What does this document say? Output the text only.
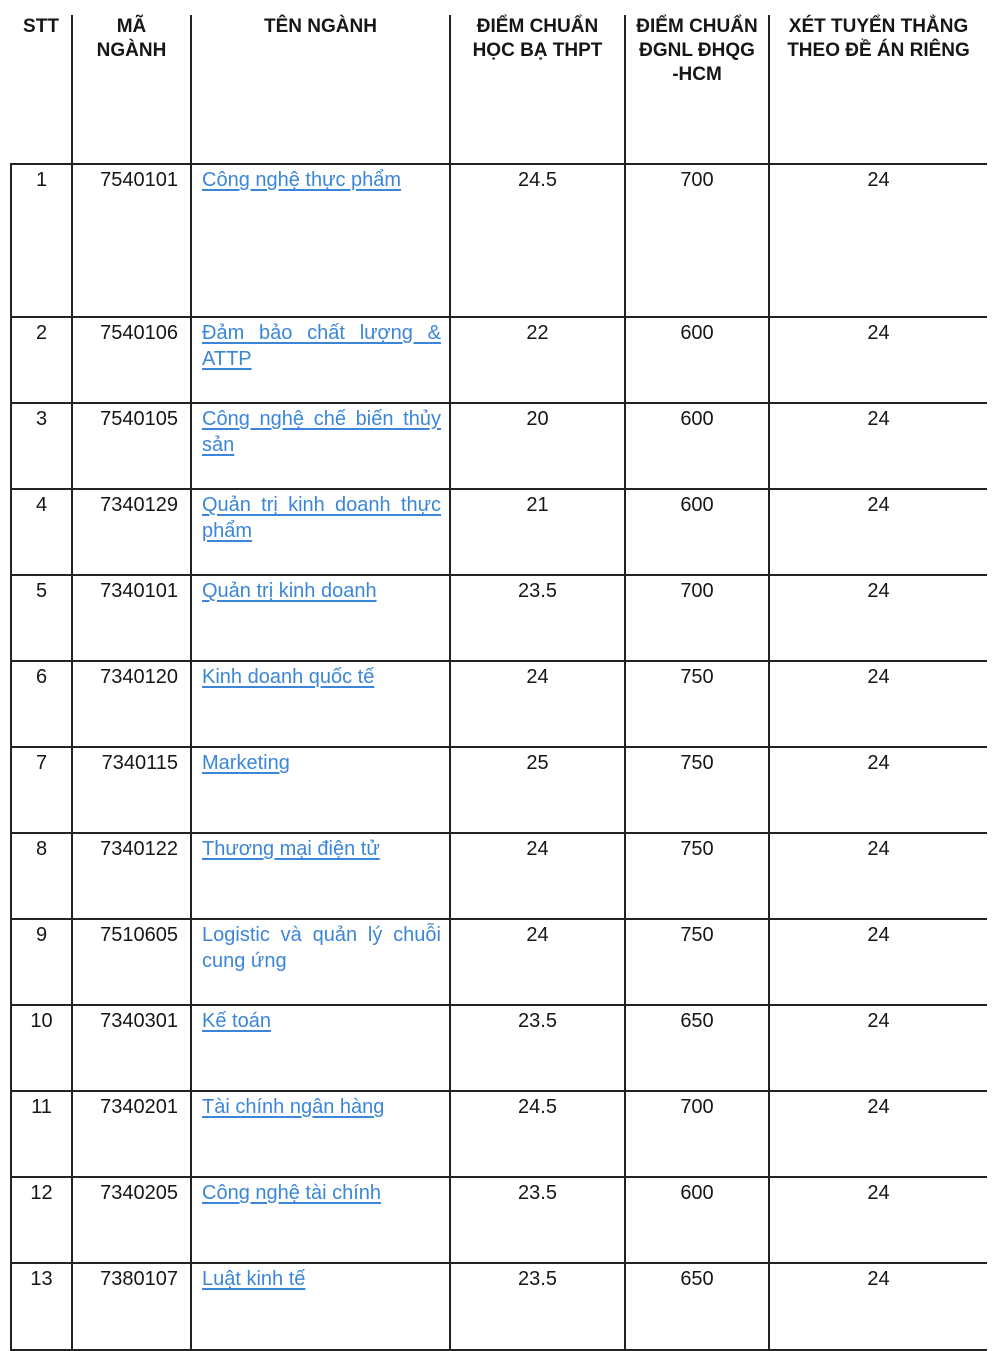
STT	MÃ NGÀNH	TÊN NGÀNH	ĐIỂM CHUẨN HỌC BẠ THPT	ĐIỂM CHUẨN ĐGNL ĐHQG -HCM	XÉT TUYỂN THẲNG THEO ĐỀ ÁN RIÊNG
1	7540101	Công nghệ thực phẩm	24.5	700	24
2	7540106	Đảm bảo chất lượng & ATTP	22	600	24
3	7540105	Công nghệ chế biến thủy sản	20	600	24
4	7340129	Quản trị kinh doanh thực phẩm	21	600	24
5	7340101	Quản trị kinh doanh	23.5	700	24
6	7340120	Kinh doanh quốc tế	24	750	24
7	7340115	Marketing	25	750	24
8	7340122	Thương mại điện tử	24	750	24
9	7510605	Logistic và quản lý chuỗi cung ứng	24	750	24
10	7340301	Kế toán	23.5	650	24
11	7340201	Tài chính ngân hàng	24.5	700	24
12	7340205	Công nghệ tài chính	23.5	600	24
13	7380107	Luật kinh tế	23.5	650	24
